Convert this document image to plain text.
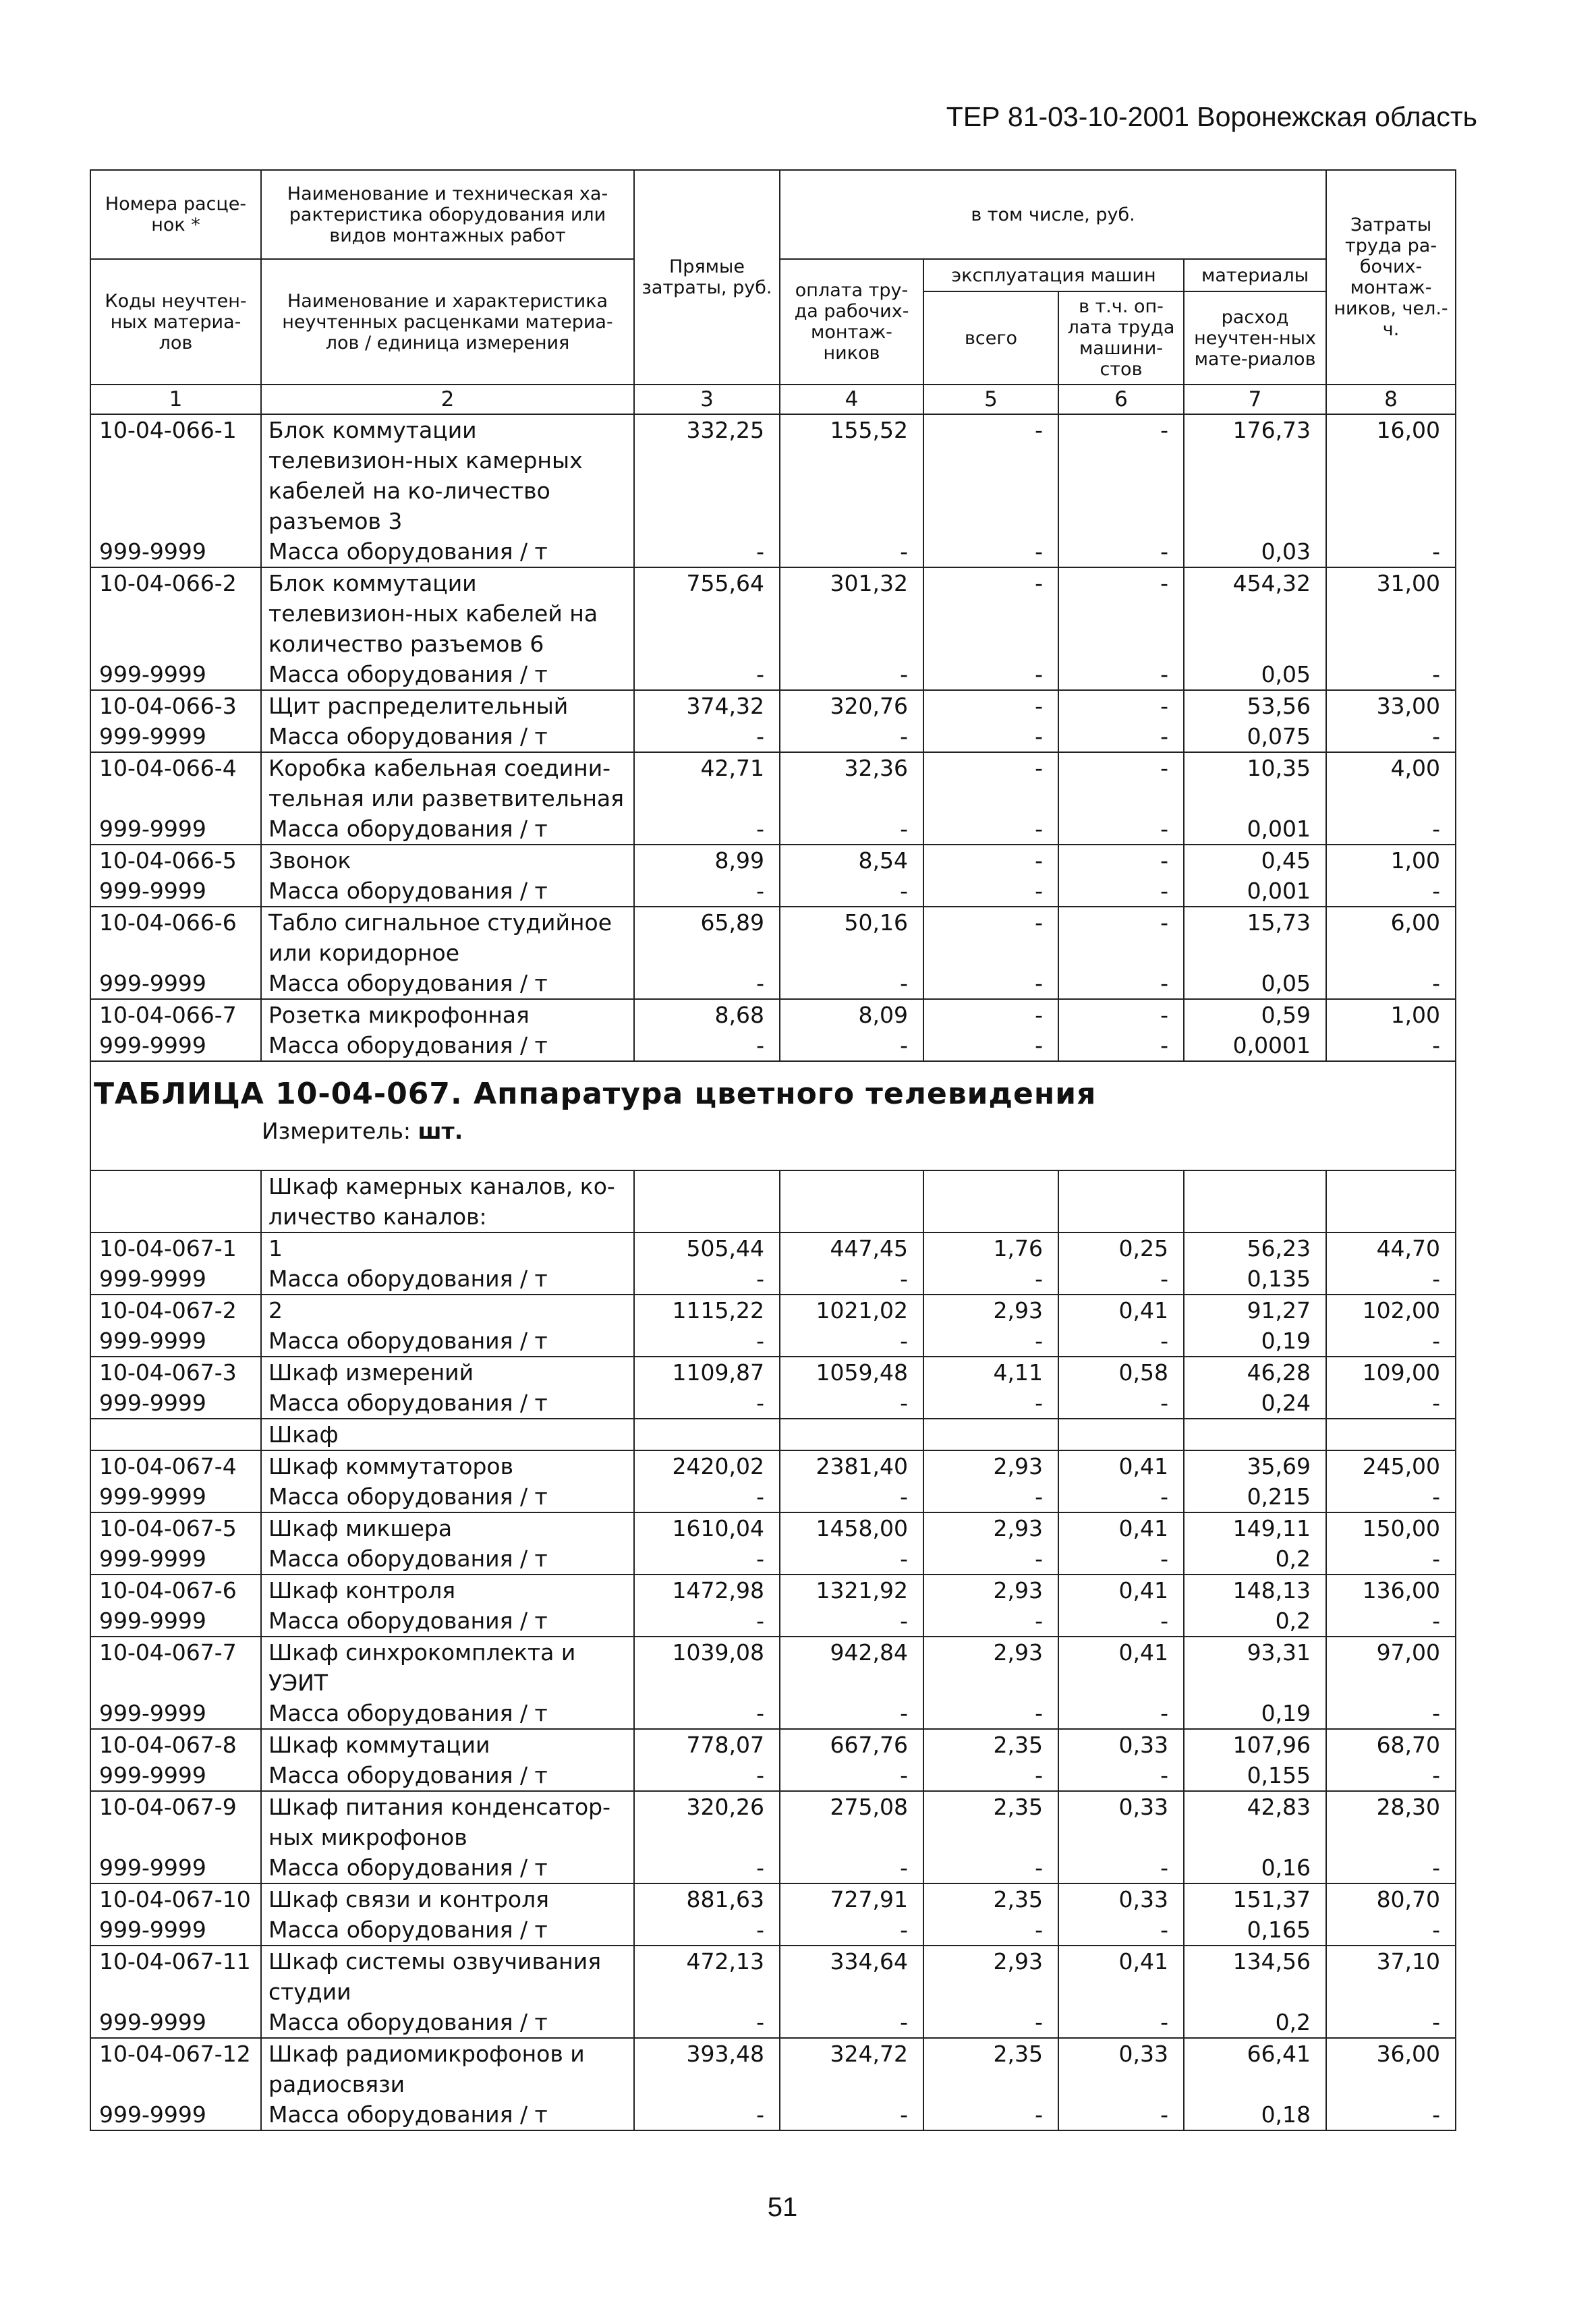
ТЕР 81-03-10-2001 Воронежская область
Номера расце-нок *	Наименование и техническая ха-рактеристика оборудования или видов монтажных работ	Прямые затраты, руб.	в том числе, руб.				Затраты труда ра-бочих-монтаж-ников, чел.-ч.
Коды неучтен-ных материа-лов	Наименование и характеристика неучтенных расценками материа-лов / единица измерения		оплата тру-да рабочих-монтаж-ников	эксплуатация машин		материалы	
				всего	в т.ч. оп-лата труда машини-стов	расход неучтен-ных мате-риалов	
1	2	3	4	5	6	7	8
10-04-066-1	Блок коммутации телевизион-ных камерных кабелей на ко-личество разъемов 3	332,25	155,52	-	-	176,73	16,00
999-9999	Масса оборудования / т	-	-	-	-	0,03	-
10-04-066-2	Блок коммутации телевизион-ных кабелей на количество разъемов 6	755,64	301,32	-	-	454,32	31,00
999-9999	Масса оборудования / т	-	-	-	-	0,05	-
10-04-066-3	Щит распределительный	374,32	320,76	-	-	53,56	33,00
999-9999	Масса оборудования / т	-	-	-	-	0,075	-
10-04-066-4	Коробка кабельная соедини-тельная или разветвительная	42,71	32,36	-	-	10,35	4,00
999-9999	Масса оборудования / т	-	-	-	-	0,001	-
10-04-066-5	Звонок	8,99	8,54	-	-	0,45	1,00
999-9999	Масса оборудования / т	-	-	-	-	0,001	-
10-04-066-6	Табло сигнальное студийное или коридорное	65,89	50,16	-	-	15,73	6,00
999-9999	Масса оборудования / т	-	-	-	-	0,05	-
10-04-066-7	Розетка микрофонная	8,68	8,09	-	-	0,59	1,00
999-9999	Масса оборудования / т	-	-	-	-	0,0001	-

ТАБЛИЦА 10-04-067. Аппаратура цветного телевидения
Измеритель: шт.							

	Шкаф камерных каналов, ко-личество каналов:						
10-04-067-1	1	505,44	447,45	1,76	0,25	56,23	44,70
999-9999	Масса оборудования / т	-	-	-	-	0,135	-
10-04-067-2	2	1115,22	1021,02	2,93	0,41	91,27	102,00
999-9999	Масса оборудования / т	-	-	-	-	0,19	-
10-04-067-3	Шкаф измерений	1109,87	1059,48	4,11	0,58	46,28	109,00
999-9999	Масса оборудования / т	-	-	-	-	0,24	-
	Шкаф						
10-04-067-4	Шкаф коммутаторов	2420,02	2381,40	2,93	0,41	35,69	245,00
999-9999	Масса оборудования / т	-	-	-	-	0,215	-
10-04-067-5	Шкаф микшера	1610,04	1458,00	2,93	0,41	149,11	150,00
999-9999	Масса оборудования / т	-	-	-	-	0,2	-
10-04-067-6	Шкаф контроля	1472,98	1321,92	2,93	0,41	148,13	136,00
999-9999	Масса оборудования / т	-	-	-	-	0,2	-
10-04-067-7	Шкаф синхрокомплекта и УЭИТ	1039,08	942,84	2,93	0,41	93,31	97,00
999-9999	Масса оборудования / т	-	-	-	-	0,19	-
10-04-067-8	Шкаф коммутации	778,07	667,76	2,35	0,33	107,96	68,70
999-9999	Масса оборудования / т	-	-	-	-	0,155	-
10-04-067-9	Шкаф питания конденсатор-ных микрофонов	320,26	275,08	2,35	0,33	42,83	28,30
999-9999	Масса оборудования / т	-	-	-	-	0,16	-
10-04-067-10	Шкаф связи и контроля	881,63	727,91	2,35	0,33	151,37	80,70
999-9999	Масса оборудования / т	-	-	-	-	0,165	-
10-04-067-11	Шкаф системы озвучивания студии	472,13	334,64	2,93	0,41	134,56	37,10
999-9999	Масса оборудования / т	-	-	-	-	0,2	-
10-04-067-12	Шкаф радиомикрофонов и радиосвязи	393,48	324,72	2,35	0,33	66,41	36,00
999-9999	Масса оборудования / т	-	-	-	-	0,18	-
51
